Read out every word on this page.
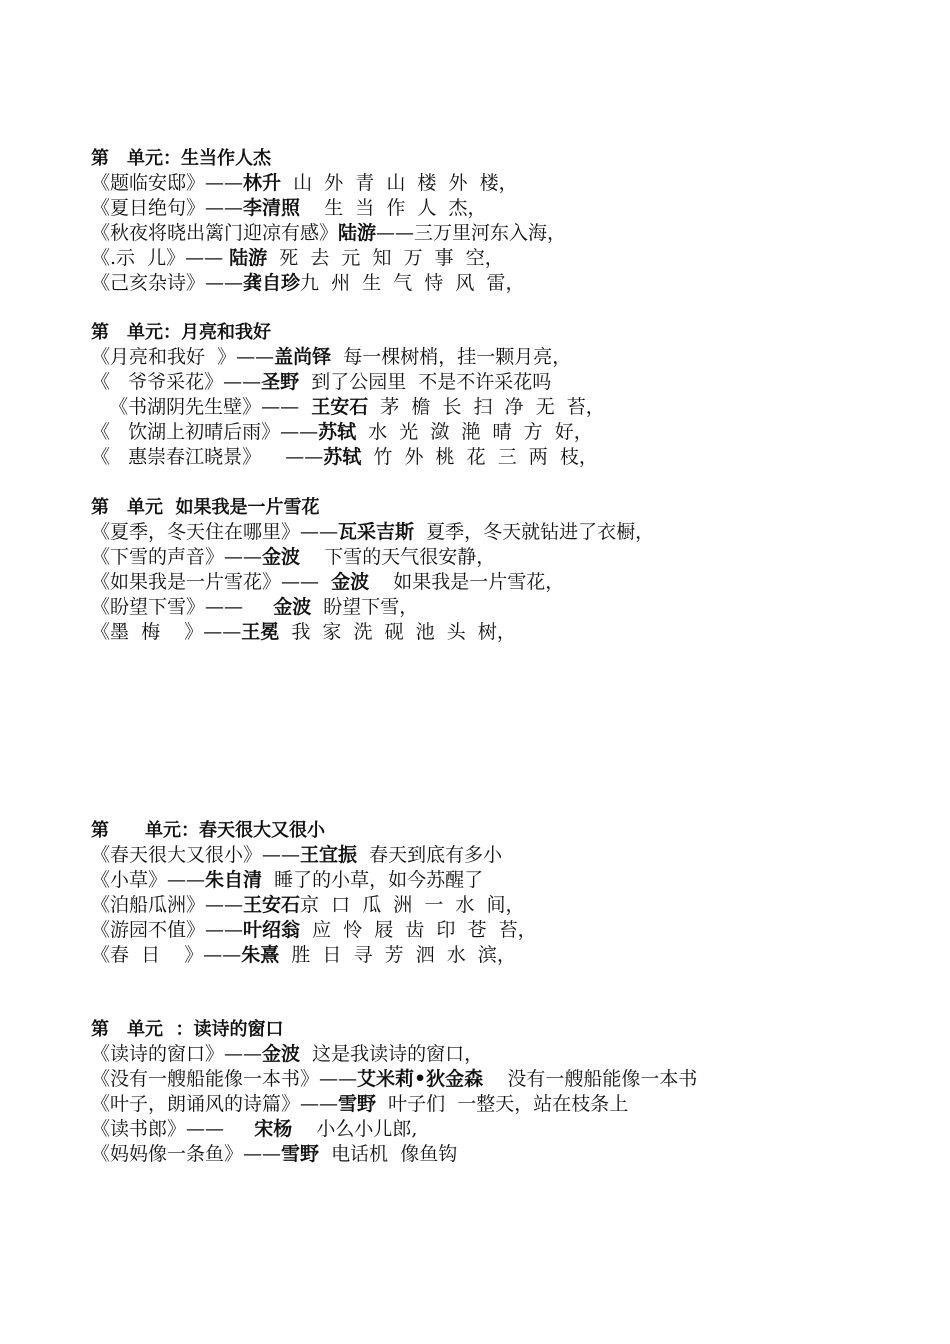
第　单元：生当作人杰
《题临安邸》——林升  山  外  青  山  楼  外  楼，
《夏日绝句》——李清照    生  当  作  人  杰，
《秋夜将晓出篱门迎凉有感》陆游——三万里河东入海，
《.示  儿》—— 陆游  死  去  元  知  万  事  空，
《己亥杂诗》——龚自珍九  州  生  气  恃  风  雷，
第　单元：月亮和我好
《月亮和我好  》——盖尚铎  每一棵树梢，挂一颗月亮，
《   爷爷采花》——圣野  到了公园里  不是不许采花吗
《书湖阴先生壁》——  王安石  茅  檐  长  扫  净  无  苔，
《   饮湖上初晴后雨》——苏轼  水  光  潋  滟  晴  方  好，
《   惠崇春江晓景》    ——苏轼  竹  外  桃  花  三  两  枝，
第　单元  如果我是一片雪花
《夏季，冬天住在哪里》——瓦采吉斯  夏季，冬天就钻进了衣橱，
《下雪的声音》——金波    下雪的天气很安静，
《如果我是一片雪花》——  金波    如果我是一片雪花，
《盼望下雪》——     金波  盼望下雪，
《墨  梅    》——王冕  我  家  洗  砚  池  头  树，
第　　单元：春天很大又很小
《春天很大又很小》——王宜振  春天到底有多小
《小草》——朱自清  睡了的小草，如今苏醒了
《泊船瓜洲》——王安石京  口  瓜  洲  一  水  间，
《游园不值》——叶绍翁  应  怜  屐  齿  印  苍  苔，
《春  日    》——朱熹  胜  日  寻  芳  泗  水  滨，
第　单元  ：读诗的窗口
《读诗的窗口》——金波  这是我读诗的窗口，
《没有一艘船能像一本书》——艾米莉•狄金森    没有一艘船能像一本书
《叶子，朗诵风的诗篇》——雪野  叶子们  一整天，站在枝条上
《读书郎》——     宋杨    小么小儿郎,
《妈妈像一条鱼》——雪野  电话机  像鱼钩
